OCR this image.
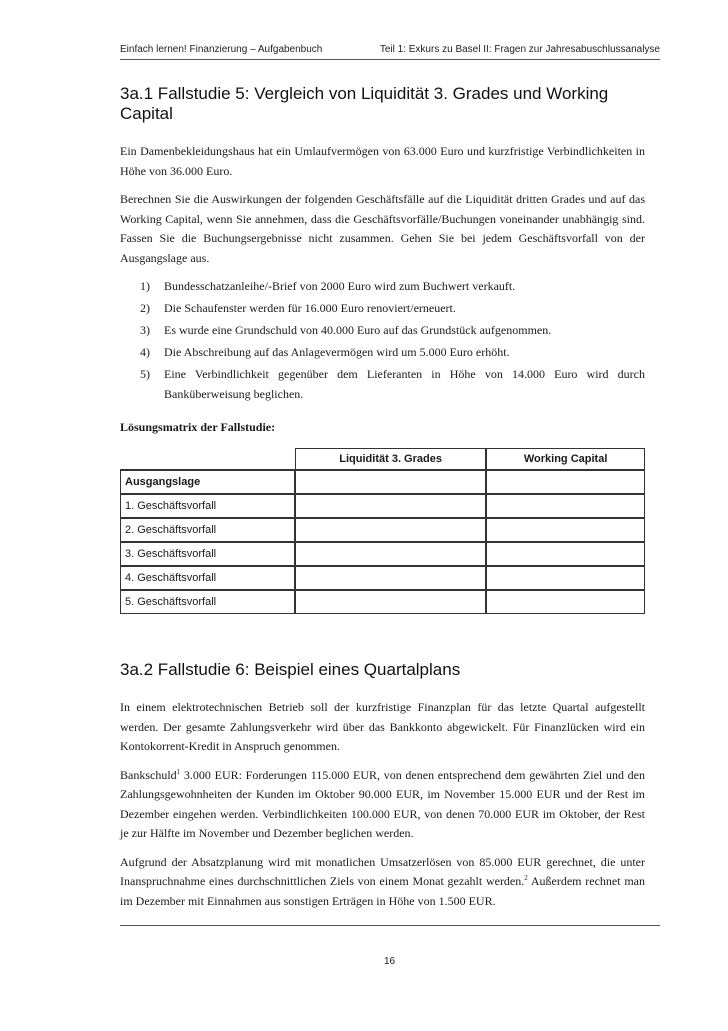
Einfach lernen! Finanzierung – Aufgabenbuch	Teil 1: Exkurs zu Basel II: Fragen zur Jahresabuschlussanalyse
3a.1 Fallstudie 5: Vergleich von Liquidität 3. Grades und Working Capital

Ein Damenbekleidungshaus hat ein Umlaufvermögen von 63.000 Euro und kurzfristige Verbindlichkeiten in Höhe von 36.000 Euro.

Berechnen Sie die Auswirkungen der folgenden Geschäftsfälle auf die Liquidität dritten Grades und auf das Working Capital, wenn Sie annehmen, dass die Geschäftsvorfälle/Buchungen voneinander unabhängig sind. Fassen Sie die Buchungsergebnisse nicht zusammen. Gehen Sie bei jedem Geschäftsvorfall von der Ausgangslage aus.

1)	Bundesschatzanleihe/-Brief von 2000 Euro wird zum Buchwert verkauft.
2)	Die Schaufenster werden für 16.000 Euro renoviert/erneuert.
3)	Es wurde eine Grundschuld von 40.000 Euro auf das Grundstück aufgenommen.
4)	Die Abschreibung auf das Anlagevermögen wird um 5.000 Euro erhöht.
5)	Eine Verbindlichkeit gegenüber dem Lieferanten in Höhe von 14.000 Euro wird durch Banküberweisung beglichen.
Lösungsmatrix der Fallstudie:
	Liquidität 3. Grades	Working Capital
Ausgangslage		
1. Geschäftsvorfall		
2. Geschäftsvorfall		
3. Geschäftsvorfall		
4. Geschäftsvorfall		
5. Geschäftsvorfall		
3a.2 Fallstudie 6: Beispiel eines Quartalplans

In einem elektrotechnischen Betrieb soll der kurzfristige Finanzplan für das letzte Quartal aufgestellt werden. Der gesamte Zahlungsverkehr wird über das Bankkonto abgewickelt. Für Finanzlücken wird ein Kontokorrent-Kredit in Anspruch genommen.

Bankschuld$^1$ 3.000 EUR: Forderungen 115.000 EUR, von denen entsprechend dem gewährten Ziel und den Zahlungsgewohnheiten der Kunden im Oktober 90.000 EUR, im November 15.000 EUR und der Rest im Dezember eingehen werden. Verbindlichkeiten 100.000 EUR, von denen 70.000 EUR im Oktober, der Rest je zur Hälfte im November und Dezember beglichen werden.

Aufgrund der Absatzplanung wird mit monatlichen Umsatzerlösen von 85.000 EUR gerechnet, die unter Inanspruchnahme eines durchschnittlichen Ziels von einem Monat gezahlt werden.$^2$ Außerdem rechnet man im Dezember mit Einnahmen aus sonstigen Erträgen in Höhe von 1.500 EUR.

16
